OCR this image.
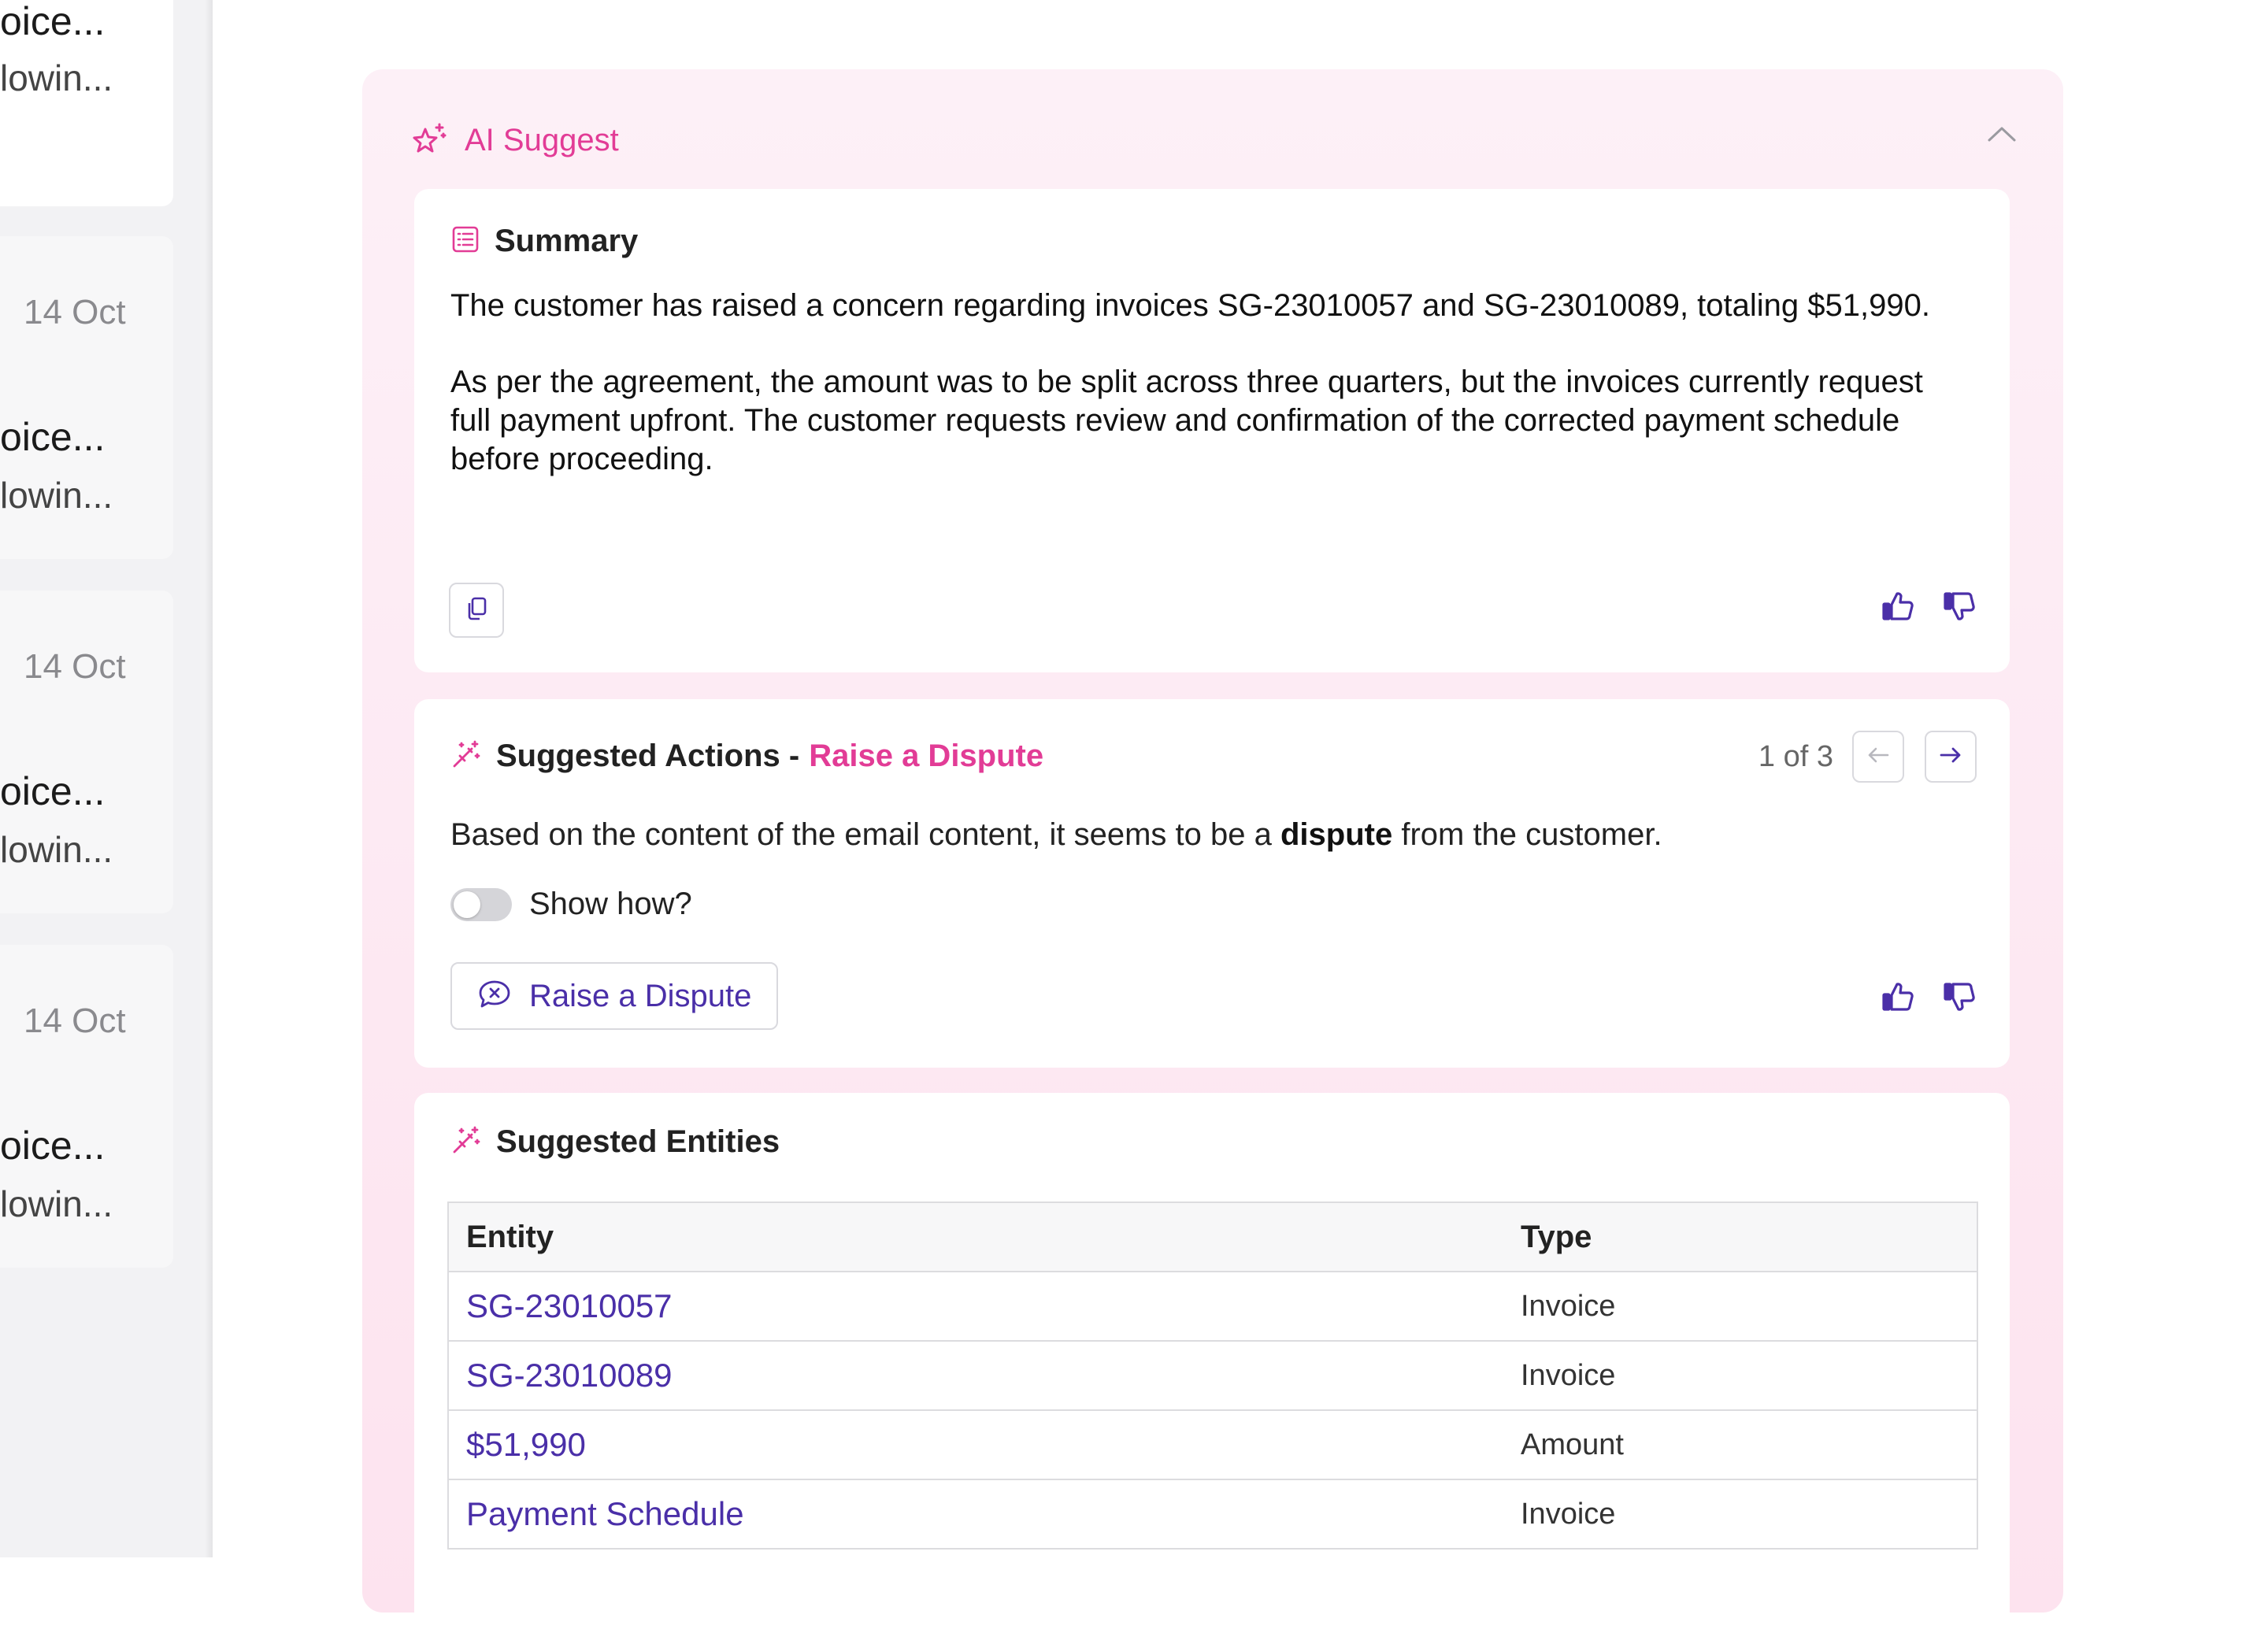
oice...
lowin...
14 Oct
oice...
lowin...
14 Oct
oice...
lowin...
14 Oct
oice...
lowin...
AI Suggest
Summary

The customer has raised a concern regarding invoices SG-23010057 and SG-23010089, totaling $51,990.

As per the agreement, the amount was to be split across three quarters, but the invoices currently request full payment upfront. The customer requests review and confirmation of the corrected payment schedule before proceeding.

Suggested Actions - Raise a Dispute	1 of 3
Based on the content of the email content, it seems to be a dispute from the customer.
Show how?
Raise a Dispute
Suggested Entities
Entity	Type
SG-23010057	Invoice
SG-23010089	Invoice
$51,990	Amount
Payment Schedule	Invoice
